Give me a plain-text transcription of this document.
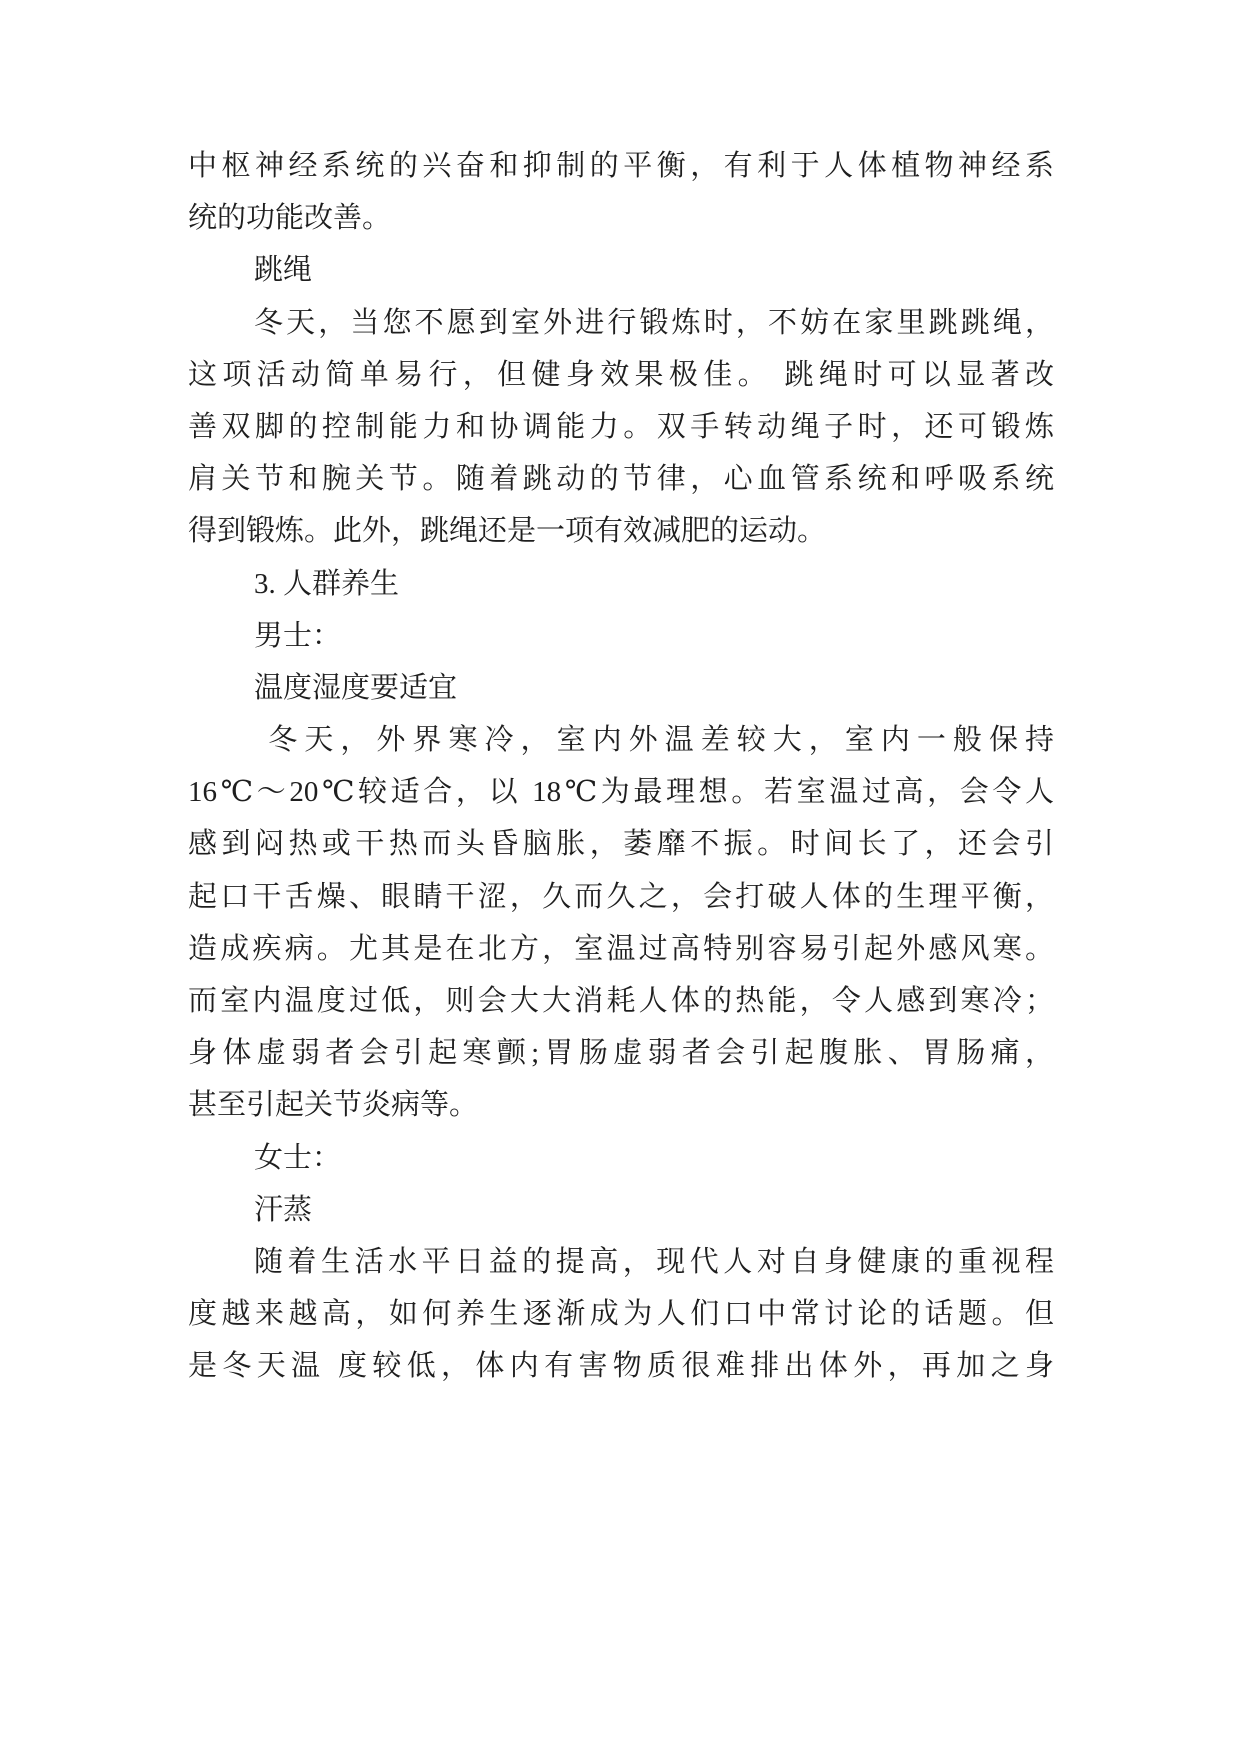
中枢神经系统的兴奋和抑制的平衡，有利于人体植物神经系
统的功能改善。
跳绳
冬天，当您不愿到室外进行锻炼时，不妨在家里跳跳绳，
这项活动简单易行，但健身效果极佳。 跳绳时可以显著改
善双脚的控制能力和协调能力。双手转动绳子时，还可锻炼
肩关节和腕关节。随着跳动的节律，心血管系统和呼吸系统
得到锻炼。此外，跳绳还是一项有效减肥的运动。
3. 人群养生
男士：
温度湿度要适宜
冬天，外界寒冷，室内外温差较大，室内一般保持
16℃～20℃较适合，以 18℃为最理想。若室温过高，会令人
感到闷热或干热而头昏脑胀，萎靡不振。时间长了，还会引
起口干舌燥、眼睛干涩，久而久之，会打破人体的生理平衡，
造成疾病。尤其是在北方，室温过高特别容易引起外感风寒。
而室内温度过低，则会大大消耗人体的热能，令人感到寒冷；
身体虚弱者会引起寒颤;胃肠虚弱者会引起腹胀、胃肠痛，
甚至引起关节炎病等。
女士：
汗蒸
随着生活水平日益的提高，现代人对自身健康的重视程
度越来越高，如何养生逐渐成为人们口中常讨论的话题。但
是冬天温 度较低，体内有害物质很难排出体外，再加之身
